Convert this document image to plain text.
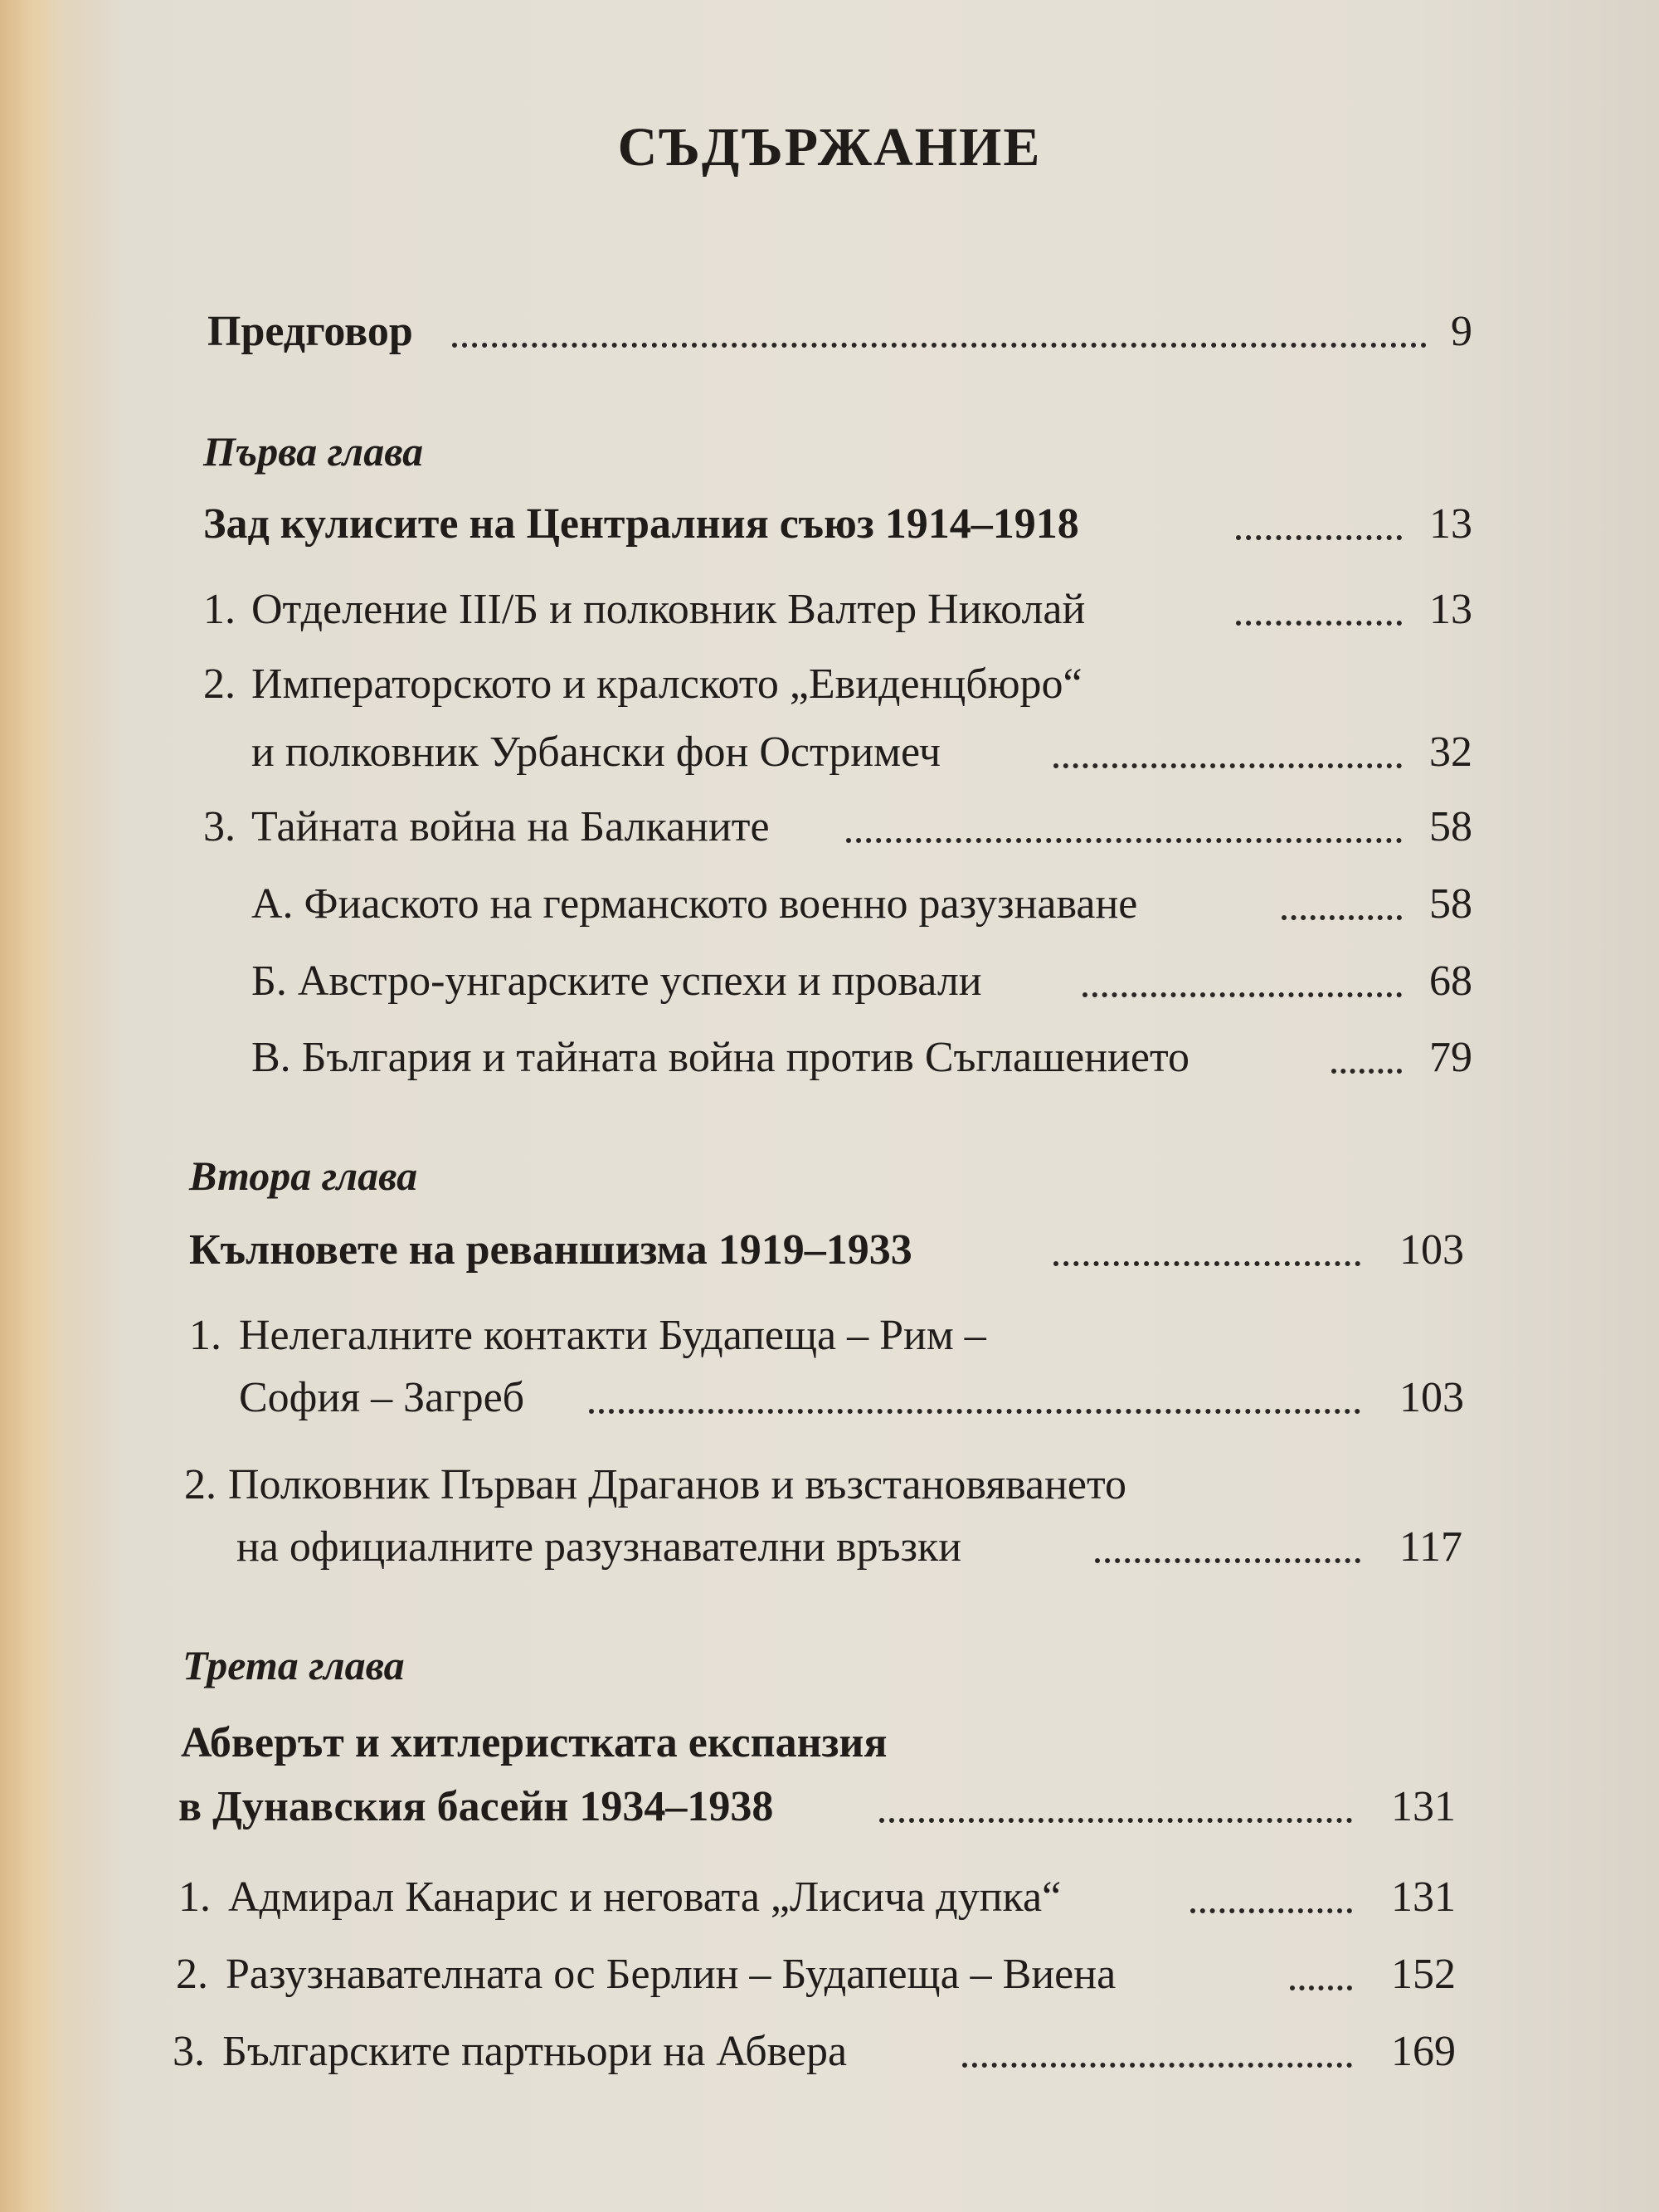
СЪДЪРЖАНИЕ
Предговор	9
Първа глава
Зад кулисите на Централния съюз 1914–1918	13
1. Отделение III/Б и полковник Валтер Николай	13
2. Императорското и кралското „Евиденцбюро“
и полковник Урбански фон Остримеч	32
3. Тайната война на Балканите	58
А. Фиаското на германското военно разузнаване	58
Б. Австро-унгарските успехи и провали	68
В. България и тайната война против Съглашението	79
Втора глава
Кълновете на реваншизма 1919–1933	103
1. Нелегалните контакти Будапеща – Рим –
София – Загреб	103
2. Полковник Първан Драганов и възстановяването
на официалните разузнавателни връзки	117
Трета глава
Абверът и хитлеристката експанзия
в Дунавския басейн 1934–1938	131
1. Адмирал Канарис и неговата „Лисича дупка“	131
2. Разузнавателната ос Берлин – Будапеща – Виена	152
3. Българските партньори на Абвера	169
